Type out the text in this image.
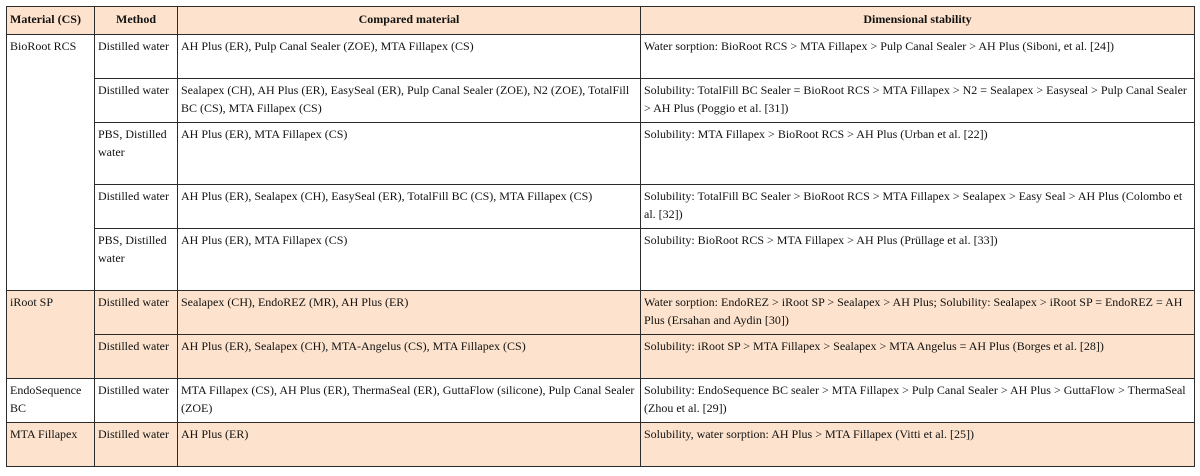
Material (CS)	Method	Compared material	Dimensional stability
BioRoot RCS	Distilled water	AH Plus (ER), Pulp Canal Sealer (ZOE), MTA Fillapex (CS)	Water sorption: BioRoot RCS > MTA Fillapex > Pulp Canal Sealer > AH Plus (Siboni, et al. [24])
	Distilled water	Sealapex (CH), AH Plus (ER), EasySeal (ER), Pulp Canal Sealer (ZOE), N2 (ZOE), TotalFill BC (CS), MTA Fillapex (CS)	Solubility: TotalFill BC Sealer = BioRoot RCS > MTA Fillapex > N2 = Sealapex > Easyseal > Pulp Canal Sealer > AH Plus (Poggio et al. [31])
	PBS, Distilled water	AH Plus (ER), MTA Fillapex (CS)	Solubility: MTA Fillapex > BioRoot RCS > AH Plus (Urban et al. [22])
	Distilled water	AH Plus (ER), Sealapex (CH), EasySeal (ER), TotalFill BC (CS), MTA Fillapex (CS)	Solubility: TotalFill BC Sealer > BioRoot RCS > MTA Fillapex > Sealapex > Easy Seal > AH Plus (Colombo et al. [32])
	PBS, Distilled water	AH Plus (ER), MTA Fillapex (CS)	Solubility: BioRoot RCS > MTA Fillapex > AH Plus (Prüllage et al. [33])
iRoot SP	Distilled water	Sealapex (CH), EndoREZ (MR), AH Plus (ER)	Water sorption: EndoREZ > iRoot SP > Sealapex > AH Plus; Solubility: Sealapex > iRoot SP = EndoREZ = AH Plus (Ersahan and Aydin [30])
	Distilled water	AH Plus (ER), Sealapex (CH), MTA-Angelus (CS), MTA Fillapex (CS)	Solubility: iRoot SP > MTA Fillapex > Sealapex > MTA Angelus = AH Plus (Borges et al. [28])
EndoSequence BC	Distilled water	MTA Fillapex (CS), AH Plus (ER), ThermaSeal (ER), GuttaFlow (silicone), Pulp Canal Sealer (ZOE)	Solubility: EndoSequence BC sealer > MTA Fillapex > Pulp Canal Sealer > AH Plus > GuttaFlow > ThermaSeal (Zhou et al. [29])
MTA Fillapex	Distilled water	AH Plus (ER)	Solubility, water sorption: AH Plus > MTA Fillapex (Vitti et al. [25])
